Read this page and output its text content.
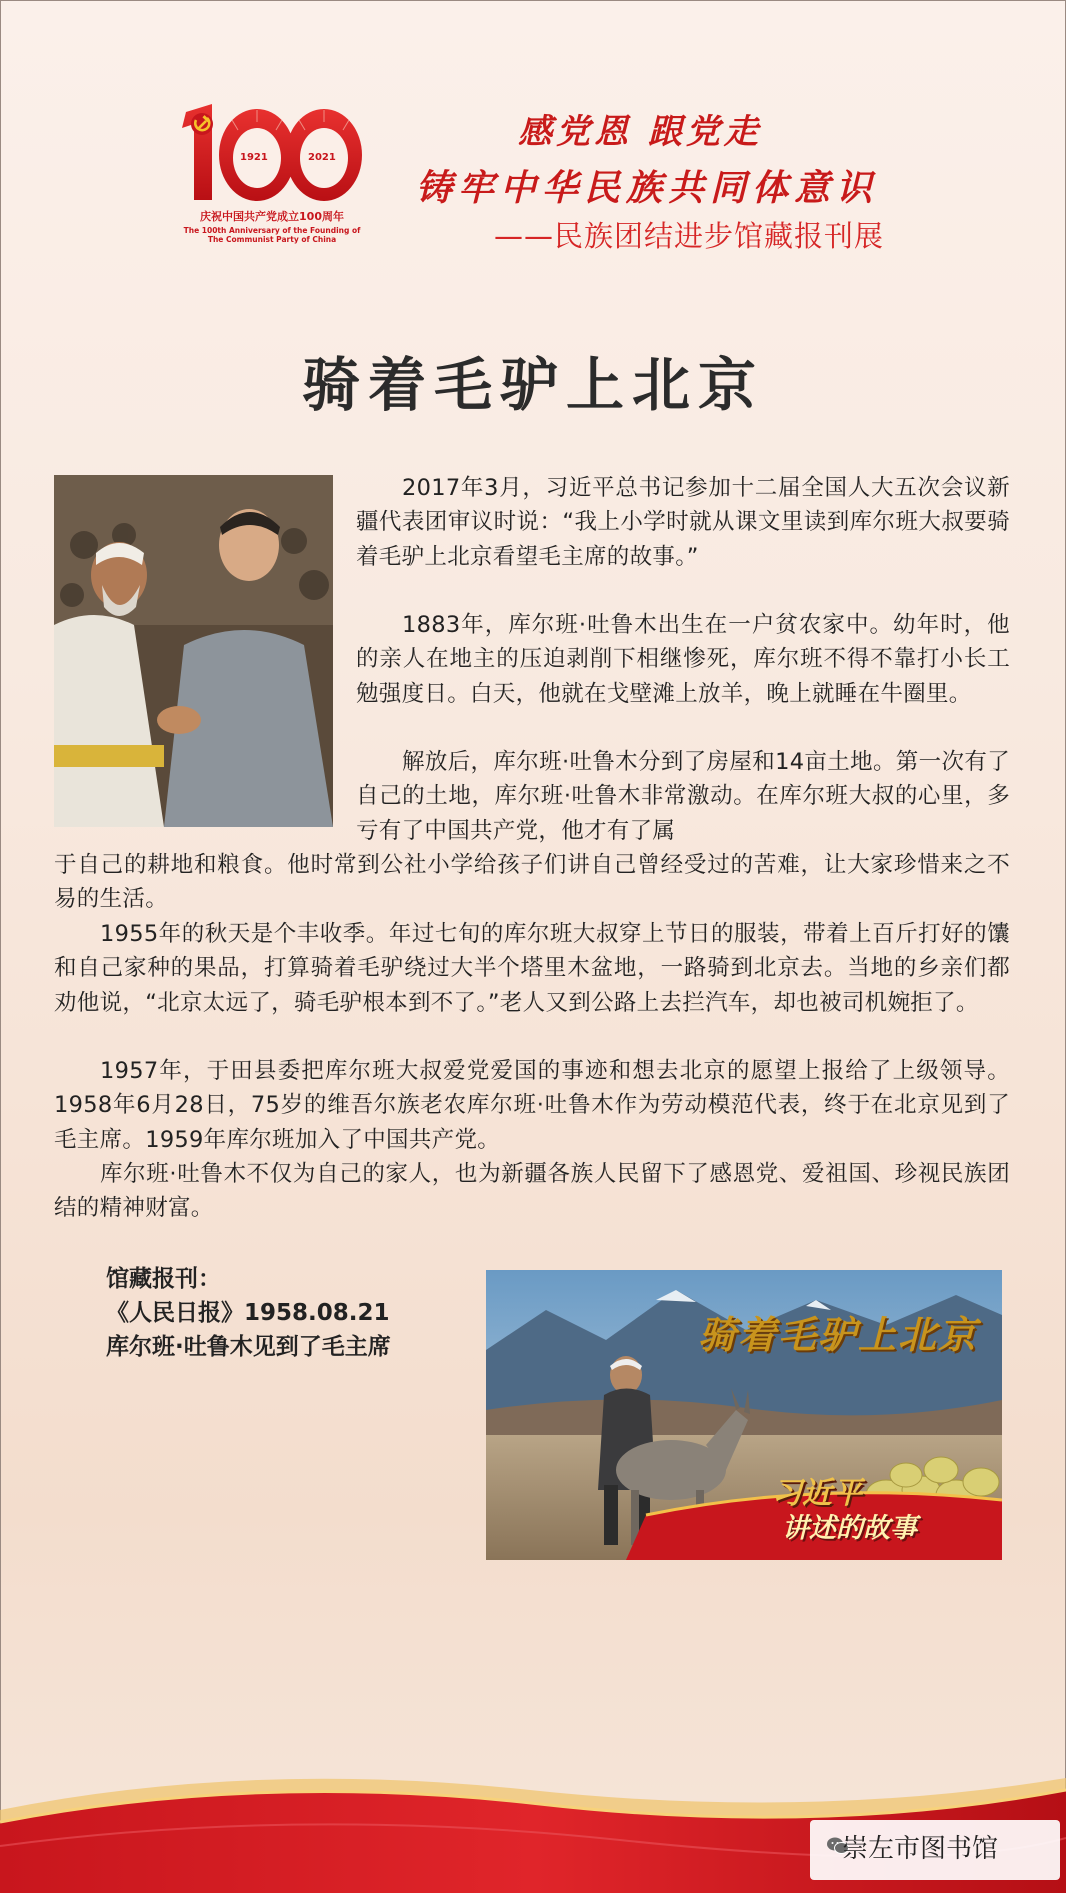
1921	2021
庆祝中国共产党成立100周年
The 100th Anniversary of the Founding of
The Communist Party of China
感党恩 跟党走
铸牢中华民族共同体意识
——民族团结进步馆藏报刊展
骑着毛驴上北京

2017年3月，习近平总书记参加十二届全国人大五次会议新疆代表团审议时说：“我上小学时就从课文里读到库尔班大叔要骑着毛驴上北京看望毛主席的故事。”

1883年，库尔班·吐鲁木出生在一户贫农家中。幼年时，他的亲人在地主的压迫剥削下相继惨死，库尔班不得不靠打小长工勉强度日。白天，他就在戈壁滩上放羊，晚上就睡在牛圈里。

解放后，库尔班·吐鲁木分到了房屋和14亩土地。第一次有了自己的土地，库尔班·吐鲁木非常激动。在库尔班大叔的心里，多亏有了中国共产党，他才有了属

于自己的耕地和粮食。他时常到公社小学给孩子们讲自己曾经受过的苦难，让大家珍惜来之不易的生活。

1955年的秋天是个丰收季。年过七旬的库尔班大叔穿上节日的服装，带着上百斤打好的馕和自己家种的果品，打算骑着毛驴绕过大半个塔里木盆地，一路骑到北京去。当地的乡亲们都劝他说，“北京太远了，骑毛驴根本到不了。”老人又到公路上去拦汽车，却也被司机婉拒了。

1957年，于田县委把库尔班大叔爱党爱国的事迹和想去北京的愿望上报给了上级领导。1958年6月28日，75岁的维吾尔族老农库尔班·吐鲁木作为劳动模范代表，终于在北京见到了毛主席。1959年库尔班加入了中国共产党。

库尔班·吐鲁木不仅为自己的家人，也为新疆各族人民留下了感恩党、爱祖国、珍视民族团结的精神财富。

馆藏报刊：
《人民日报》1958.08.21
库尔班·吐鲁木见到了毛主席	骑着毛驴上北京
习近平
讲述的故事
崇左市图书馆
